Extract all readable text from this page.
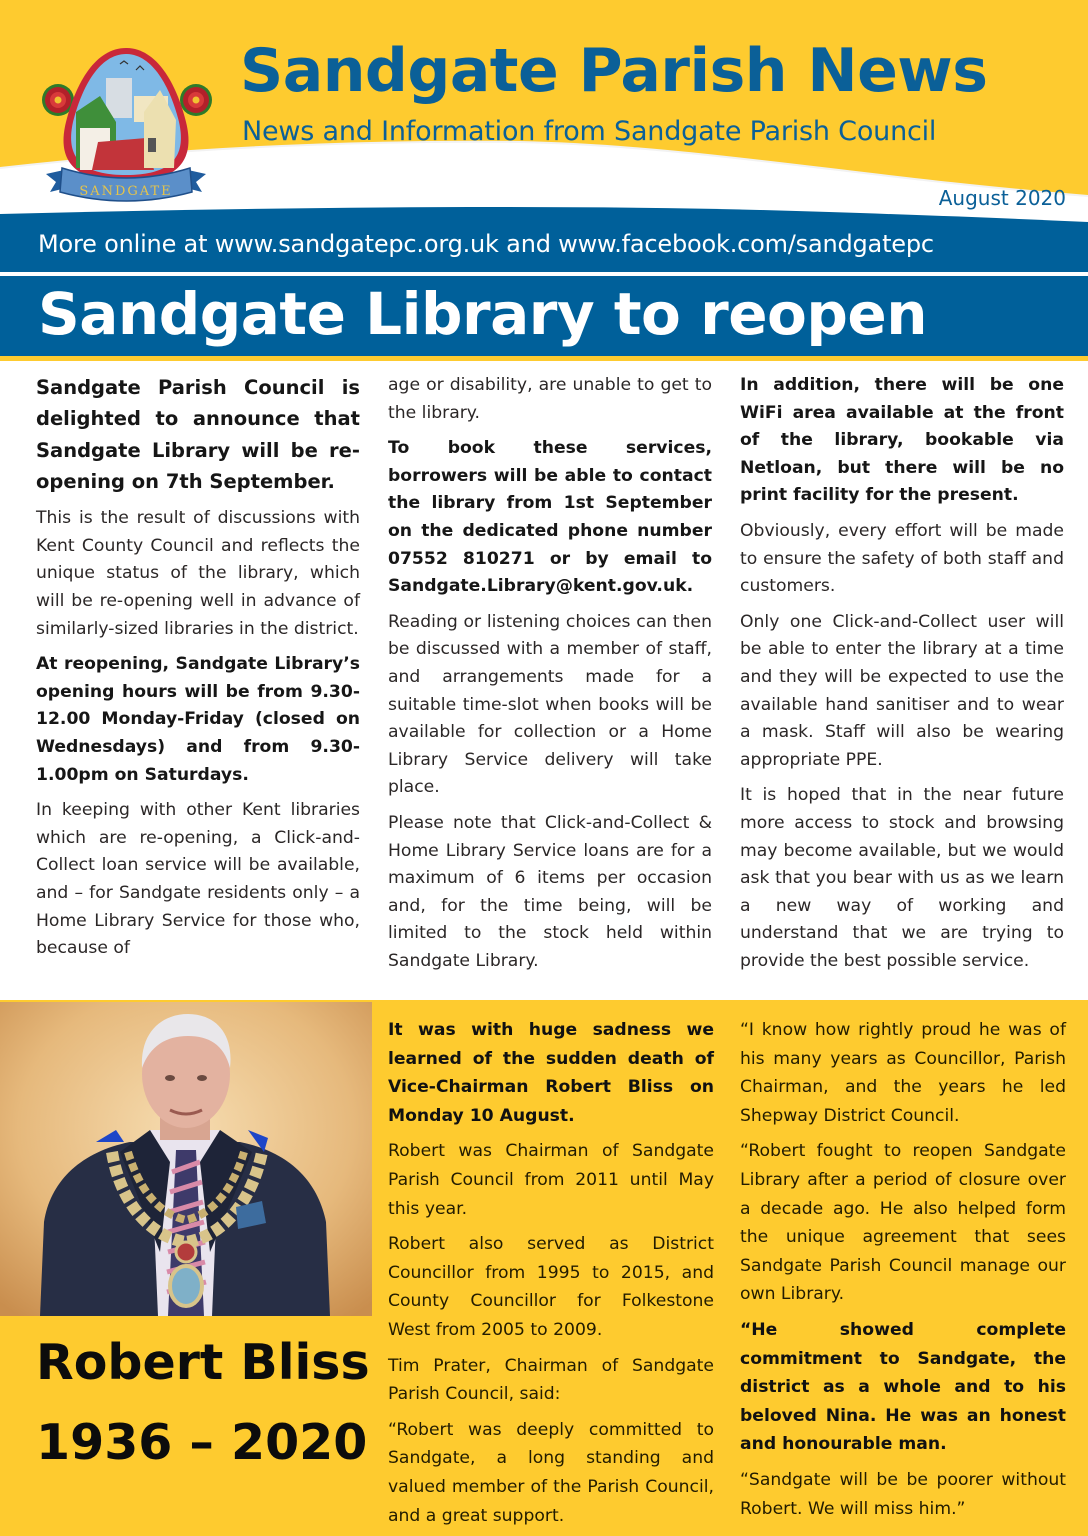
SANDGATE
Sandgate Parish News
News and Information from Sandgate Parish Council
August 2020
More online at www.sandgatepc.org.uk and www.facebook.com/sandgatepc
Sandgate Library to reopen

Sandgate Parish Council is delighted to announce that Sandgate Library will be re-opening on 7th September.

This is the result of discussions with Kent County Council and reflects the unique status of the library, which will be re-opening well in advance of similarly-sized libraries in the district.

At reopening, Sandgate Library’s opening hours will be from 9.30-12.00 Monday-Friday (closed on Wednesdays) and from 9.30-1.00pm on Saturdays.

In keeping with other Kent libraries which are re-opening, a Click-and-Collect loan service will be available, and – for Sandgate residents only – a Home Library Service for those who, because of

age or disability, are unable to get to the library.

To book these services, borrowers will be able to contact the library from 1st September on the dedicated phone number 07552 810271 or by email to Sandgate.Library@kent.gov.uk.

Reading or listening choices can then be discussed with a member of staff, and arrangements made for a suitable time-slot when books will be available for collection or a Home Library Service delivery will take place.

Please note that Click-and-Collect & Home Library Service loans are for a maximum of 6 items per occasion and, for the time being, will be limited to the stock held within Sandgate Library.

In addition, there will be one WiFi area available at the front of the library, bookable via Netloan, but there will be no print facility for the present.

Obviously, every effort will be made to ensure the safety of both staff and customers.

Only one Click-and-Collect user will be able to enter the library at a time and they will be expected to use the available hand sanitiser and to wear a mask. Staff will also be wearing appropriate PPE.

It is hoped that in the near future more access to stock and browsing may become available, but we would ask that you bear with us as we learn a new way of working and understand that we are trying to provide the best possible service.

Robert Bliss
1936 – 2020

It was with huge sadness we learned of the sudden death of Vice-Chairman Robert Bliss on Monday 10 August.

Robert was Chairman of Sandgate Parish Council from 2011 until May this year.

Robert also served as District Councillor from 1995 to 2015, and County Councillor for Folkestone West from 2005 to 2009.

Tim Prater, Chairman of Sandgate Parish Council, said:

“Robert was deeply committed to Sandgate, a long standing and valued member of the Parish Council, and a great support.

“I know how rightly proud he was of his many years as Councillor, Parish Chairman, and the years he led Shepway District Council.

“Robert fought to reopen Sandgate Library after a period of closure over a decade ago. He also helped form the unique agreement that sees Sandgate Parish Council manage our own Library.

“He showed complete commitment to Sandgate, the district as a whole and to his beloved Nina. He was an honest and honourable man.

“Sandgate will be be poorer without Robert. We will miss him.”
